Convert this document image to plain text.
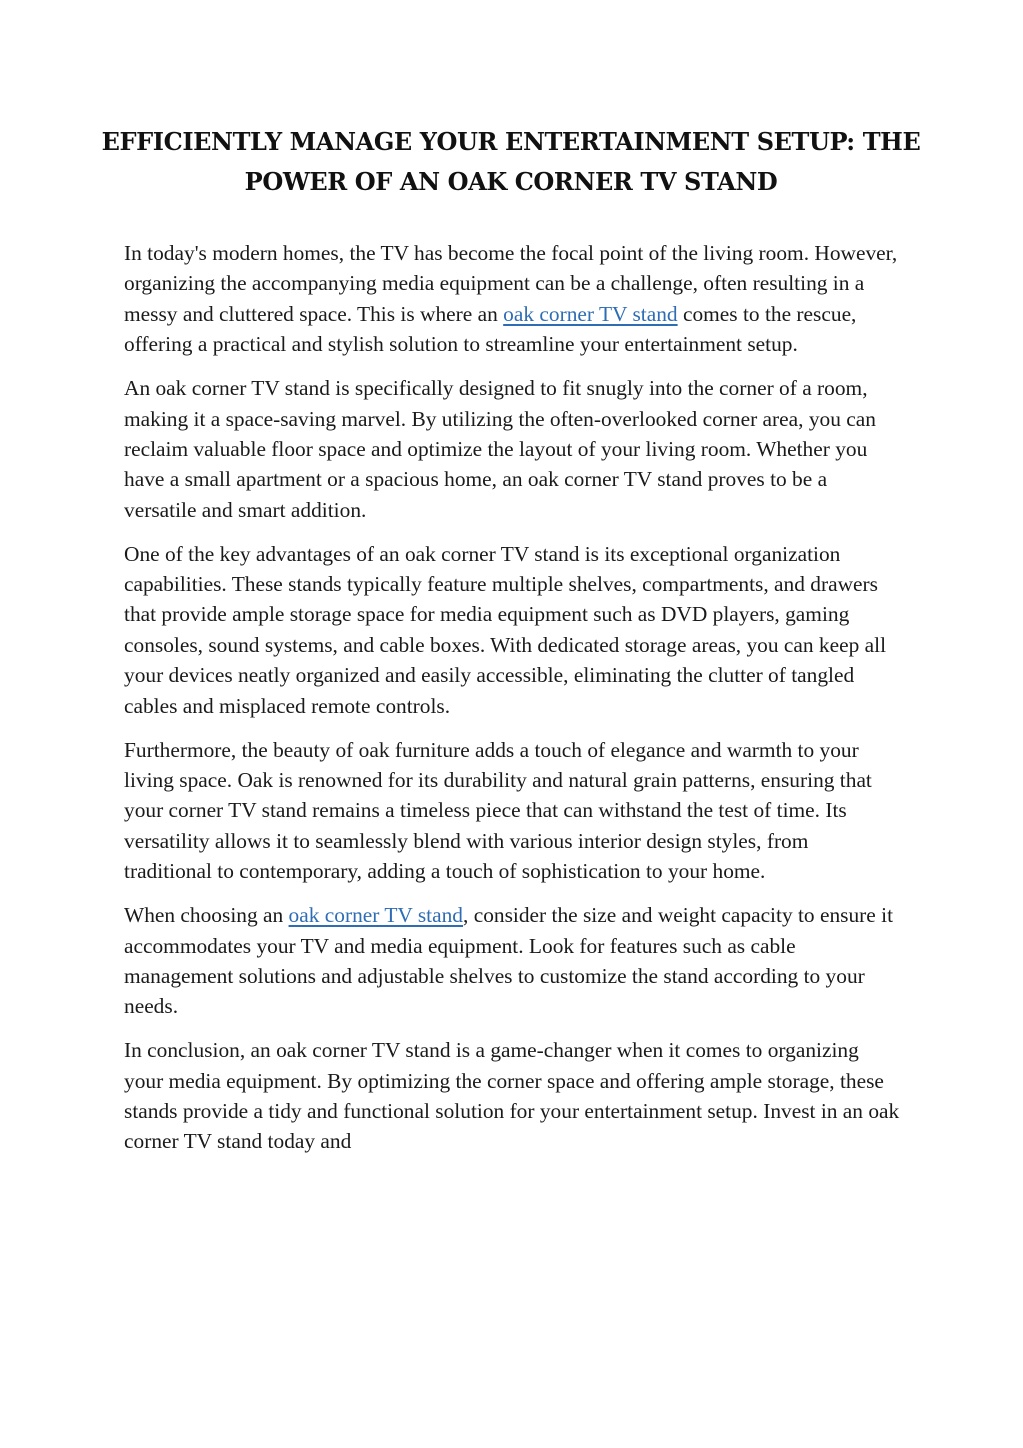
EFFICIENTLY MANAGE YOUR ENTERTAINMENT SETUP: THE POWER OF AN OAK CORNER TV STAND

In today's modern homes, the TV has become the focal point of the living room. However, organizing the accompanying media equipment can be a challenge, often resulting in a messy and cluttered space. This is where an oak corner TV stand comes to the rescue, offering a practical and stylish solution to streamline your entertainment setup.

An oak corner TV stand is specifically designed to fit snugly into the corner of a room, making it a space-saving marvel. By utilizing the often-overlooked corner area, you can reclaim valuable floor space and optimize the layout of your living room. Whether you have a small apartment or a spacious home, an oak corner TV stand proves to be a versatile and smart addition.

One of the key advantages of an oak corner TV stand is its exceptional organization capabilities. These stands typically feature multiple shelves, compartments, and drawers that provide ample storage space for media equipment such as DVD players, gaming consoles, sound systems, and cable boxes. With dedicated storage areas, you can keep all your devices neatly organized and easily accessible, eliminating the clutter of tangled cables and misplaced remote controls.

Furthermore, the beauty of oak furniture adds a touch of elegance and warmth to your living space. Oak is renowned for its durability and natural grain patterns, ensuring that your corner TV stand remains a timeless piece that can withstand the test of time. Its versatility allows it to seamlessly blend with various interior design styles, from traditional to contemporary, adding a touch of sophistication to your home.

When choosing an oak corner TV stand, consider the size and weight capacity to ensure it accommodates your TV and media equipment. Look for features such as cable management solutions and adjustable shelves to customize the stand according to your needs.

In conclusion, an oak corner TV stand is a game-changer when it comes to organizing your media equipment. By optimizing the corner space and offering ample storage, these stands provide a tidy and functional solution for your entertainment setup. Invest in an oak corner TV stand today and
